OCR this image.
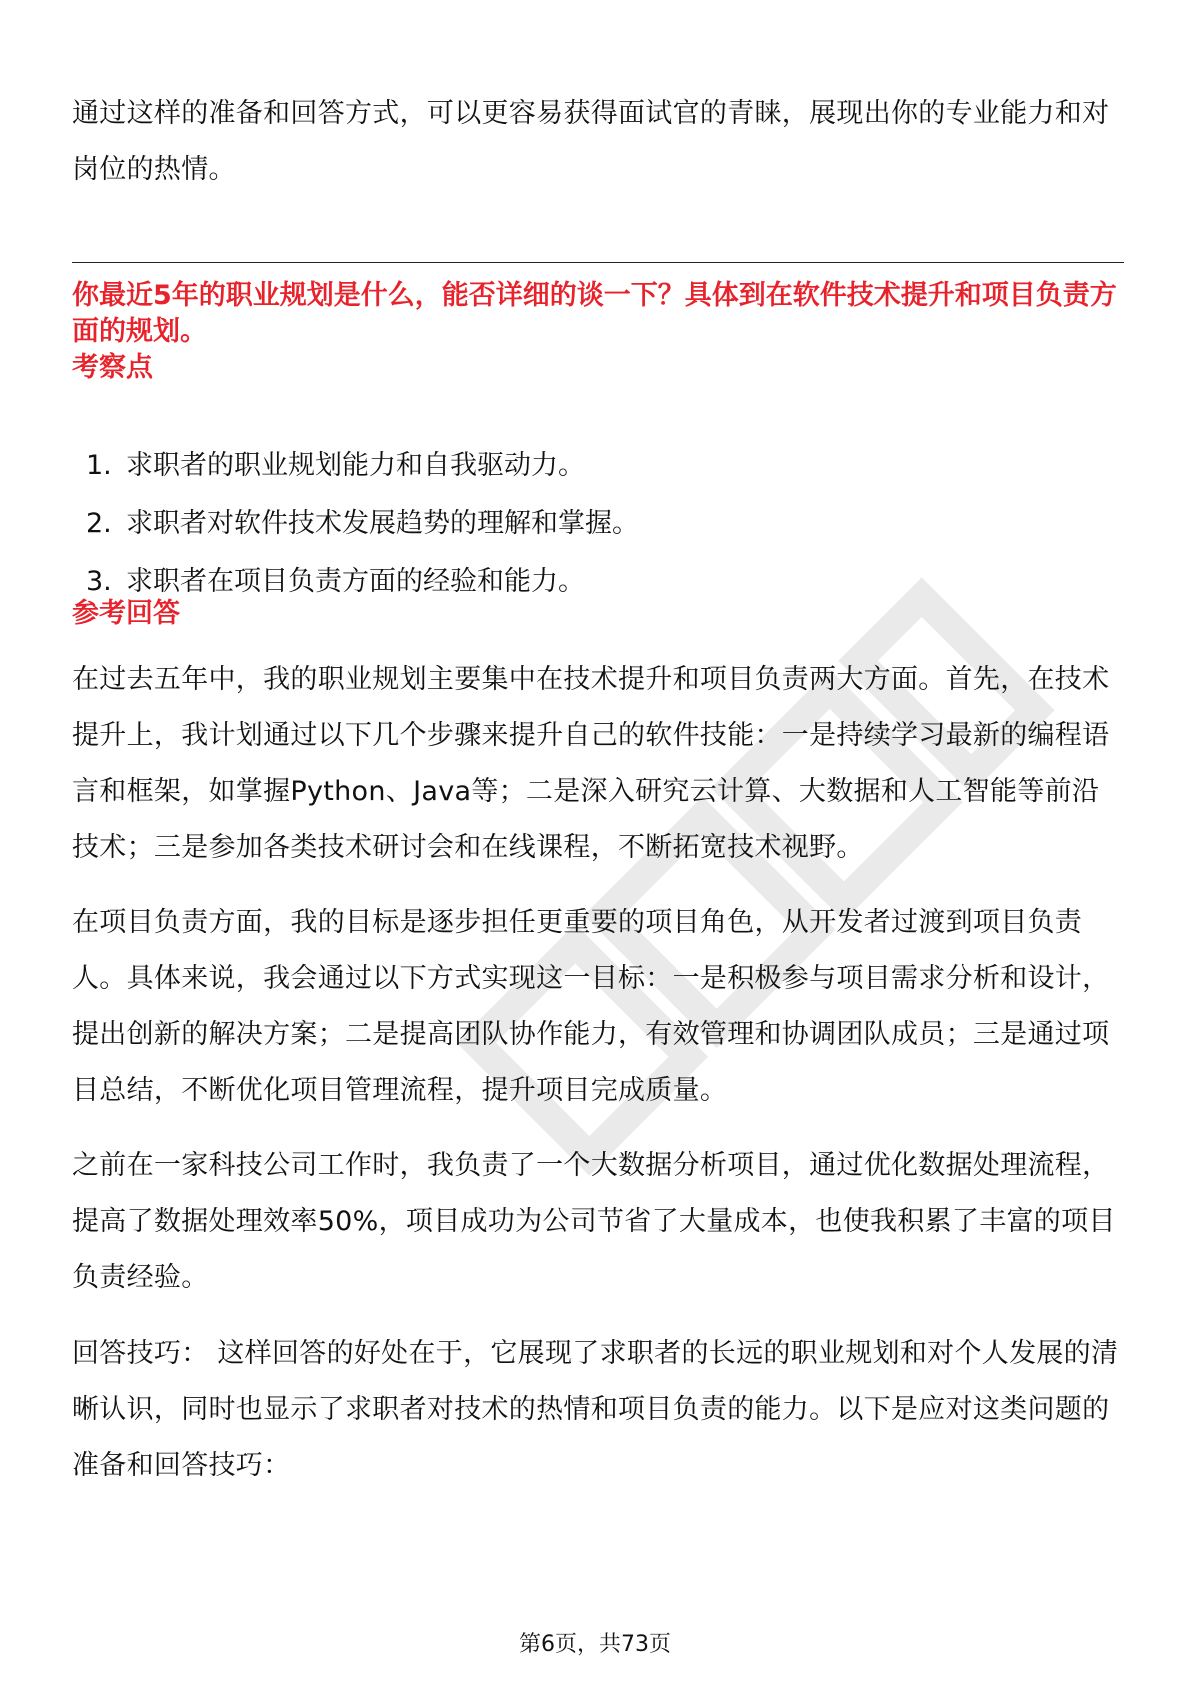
通过这样的准备和回答方式，可以更容易获得面试官的青睐，展现出你的专业能力和对岗位的热情。

你最近5年的职业规划是什么，能否详细的谈一下？具体到在软件技术提升和项目负责方面的规划。

考察点

1. 求职者的职业规划能力和自我驱动力。
2. 求职者对软件技术发展趋势的理解和掌握。
3. 求职者在项目负责方面的经验和能力。

参考回答

在过去五年中，我的职业规划主要集中在技术提升和项目负责两大方面。首先，在技术提升上，我计划通过以下几个步骤来提升自己的软件技能：一是持续学习最新的编程语言和框架，如掌握Python、Java等；二是深入研究云计算、大数据和人工智能等前沿技术；三是参加各类技术研讨会和在线课程，不断拓宽技术视野。

在项目负责方面，我的目标是逐步担任更重要的项目角色，从开发者过渡到项目负责人。具体来说，我会通过以下方式实现这一目标：一是积极参与项目需求分析和设计，提出创新的解决方案；二是提高团队协作能力，有效管理和协调团队成员；三是通过项目总结，不断优化项目管理流程，提升项目完成质量。

之前在一家科技公司工作时，我负责了一个大数据分析项目，通过优化数据处理流程，提高了数据处理效率50%，项目成功为公司节省了大量成本，也使我积累了丰富的项目负责经验。

回答技巧： 这样回答的好处在于，它展现了求职者的长远的职业规划和对个人发展的清晰认识，同时也显示了求职者对技术的热情和项目负责的能力。以下是应对这类问题的准备和回答技巧：

第6页，共73页
